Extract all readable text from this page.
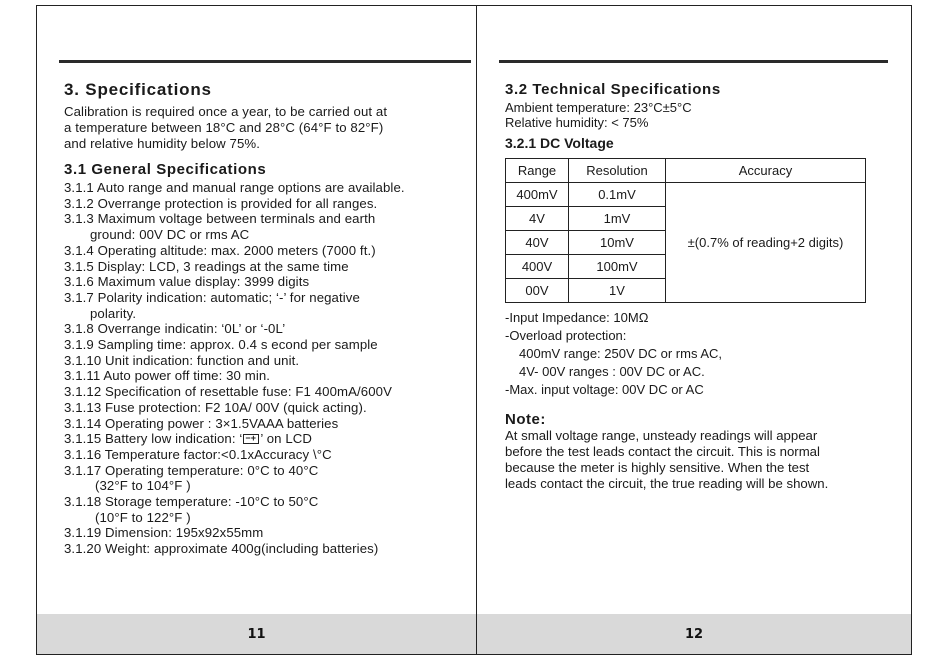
3. Specifications
Calibration is required once a year, to be carried out at
a temperature between 18°C and 28°C (64°F to 82°F)
and relative humidity below 75%.
3.1 General Specifications
3.1.1 Auto range and manual range options are available.
3.1.2 Overrange protection is provided for all ranges.
3.1.3 Maximum voltage between terminals and earth
ground: 00V DC or rms AC
3.1.4 Operating altitude: max. 2000 meters (7000 ft.)
3.1.5 Display: LCD, 3 readings at the same time
3.1.6 Maximum value display: 3999 digits
3.1.7 Polarity indication: automatic; ‘-’ for negative
polarity.
3.1.8 Overrange indicatin: ‘0L’ or ‘-0L’
3.1.9 Sampling time: approx. 0.4 s econd per sample
3.1.10 Unit indication: function and unit.
3.1.11 Auto power off time: 30 min.
3.1.12 Specification of resettable fuse: F1 400mA/600V
3.1.13 Fuse protection: F2 10A/ 00V (quick acting).
3.1.14 Operating power : 3×1.5VAAA batteries
3.1.15 Battery low indication: ‘ −+ ’ on LCD
3.1.16 Temperature factor:<0.1xAccuracy \°C
3.1.17 Operating temperature: 0°C to 40°C
(32°F to 104°F )
3.1.18 Storage temperature: -10°C to 50°C
(10°F to 122°F )
3.1.19 Dimension: 195x92x55mm
3.1.20 Weight: approximate 400g(including batteries)
11
3.2 Technical Specifications
Ambient temperature: 23°C±5°C
Relative humidity: < 75%
3.2.1 DC Voltage
Range	Resolution	Accuracy
400mV	0.1mV	±(0.7% of reading+2 digits)
4V	1mV	
40V	10mV	
400V	100mV	
00V	1V	
-Input Impedance: 10MΩ
-Overload protection:
400mV range: 250V DC or rms AC,
4V- 00V ranges : 00V DC or AC.
-Max. input voltage: 00V DC or AC
Note:
At small voltage range, unsteady readings will appear
before the test leads contact the circuit. This is normal
because the meter is highly sensitive. When the test
leads contact the circuit, the true reading will be shown.
12
